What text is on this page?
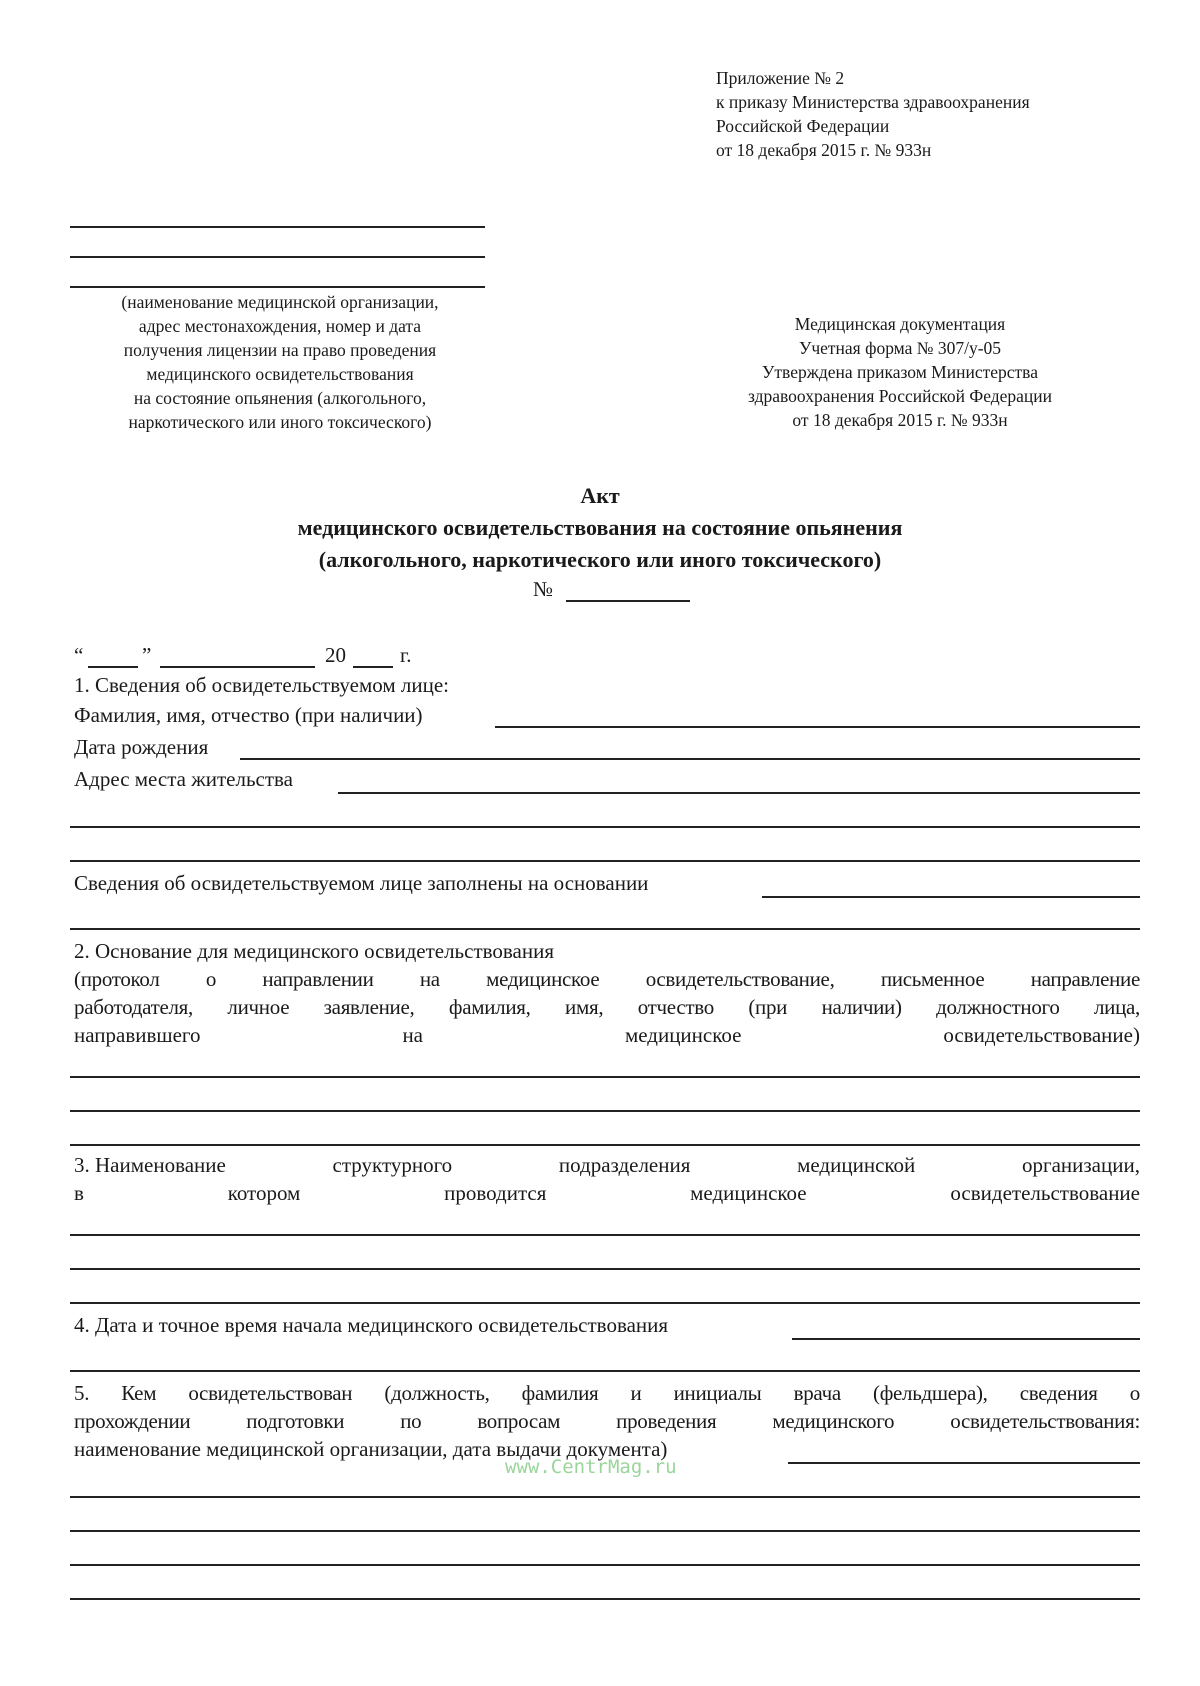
Приложение № 2
к приказу Министерства здравоохранения
Российской Федерации
от 18 декабря 2015 г. № 933н
(наименование медицинской организации,
адрес местонахождения, номер и дата
получения лицензии на право проведения
медицинского освидетельствования
на состояние опьянения (алкогольного,
наркотического или иного токсического)
Медицинская документация
Учетная форма № 307/у-05
Утверждена приказом Министерства
здравоохранения Российской Федерации
от 18 декабря 2015 г. № 933н
Акт
медицинского освидетельствования на состояние опьянения
(алкогольного, наркотического или иного токсического)
№
“	”	20	г.
1. Сведения об освидетельствуемом лице:
Фамилия, имя, отчество (при наличии)
Дата рождения
Адрес места жительства
Сведения об освидетельствуемом лице заполнены на основании
2. Основание для медицинского освидетельствования
(протокол о направлении на медицинское освидетельствование, письменное направление
работодателя, личное заявление, фамилия, имя, отчество (при наличии) должностного лица,
направившего	на	медицинское	освидетельствование)
3. Наименование	структурного	подразделения	медицинской	организации,
в	котором	проводится	медицинское	освидетельствование
4. Дата и точное время начала медицинского освидетельствования
5. Кем освидетельствован (должность, фамилия и инициалы врача (фельдшера), сведения о
прохождении подготовки по вопросам проведения медицинского освидетельствования:
наименование медицинской организации, дата выдачи документа)
www.CentrMag.ru
